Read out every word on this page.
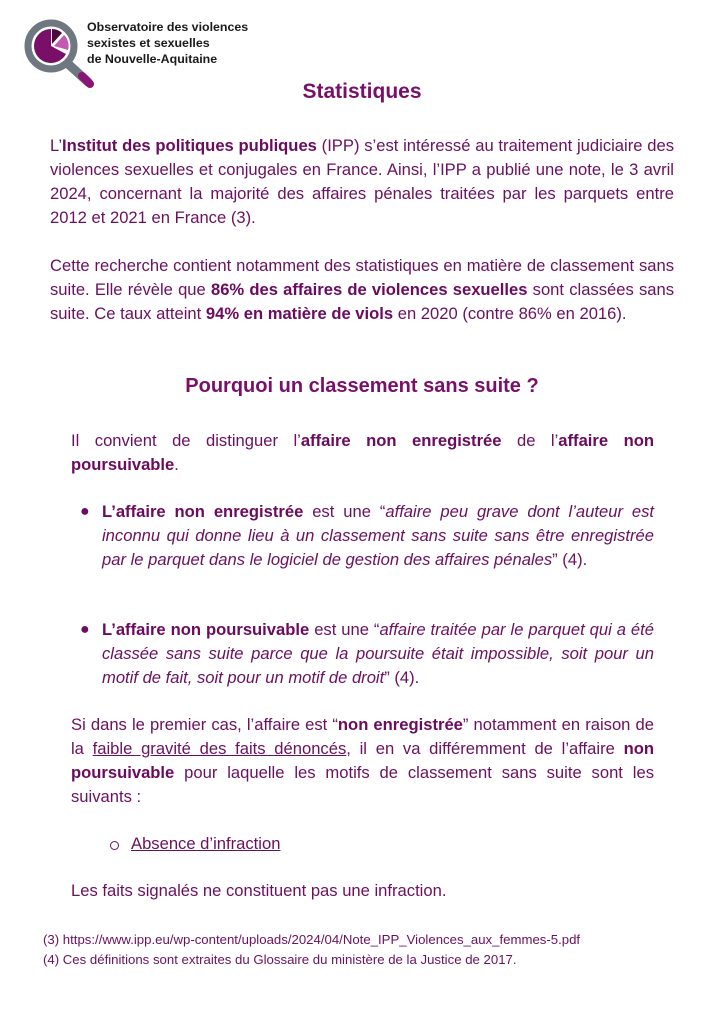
Observatoire des violences
sexistes et sexuelles
de Nouvelle-Aquitaine
Statistiques
L’Institut des politiques publiques (IPP) s’est intéressé au traitement judiciaire des violences sexuelles et conjugales en France. Ainsi, l’IPP a publié une note, le 3 avril 2024, concernant la majorité des affaires pénales traitées par les parquets entre 2012 et 2021 en France (3).
Cette recherche contient notamment des statistiques en matière de classement sans suite. Elle révèle que 86% des affaires de violences sexuelles sont classées sans suite. Ce taux atteint 94% en matière de viols en 2020 (contre 86% en 2016).
Pourquoi un classement sans suite ?
Il convient de distinguer l’affaire non enregistrée de l’affaire non poursuivable.
● L’affaire non enregistrée est une “affaire peu grave dont l’auteur est inconnu qui donne lieu à un classement sans suite sans être enregistrée par le parquet dans le logiciel de gestion des affaires pénales” (4).
● L’affaire non poursuivable est une “affaire traitée par le parquet qui a été classée sans suite parce que la poursuite était impossible, soit pour un motif de fait, soit pour un motif de droit” (4).
Si dans le premier cas, l’affaire est “non enregistrée” notamment en raison de la faible gravité des faits dénoncés, il en va différemment de l’affaire non poursuivable pour laquelle les motifs de classement sans suite sont les suivants :
Absence d’infraction
Les faits signalés ne constituent pas une infraction.
(3) https://www.ipp.eu/wp-content/uploads/2024/04/Note_IPP_Violences_aux_femmes-5.pdf
(4) Ces définitions sont extraites du Glossaire du ministère de la Justice de 2017.
